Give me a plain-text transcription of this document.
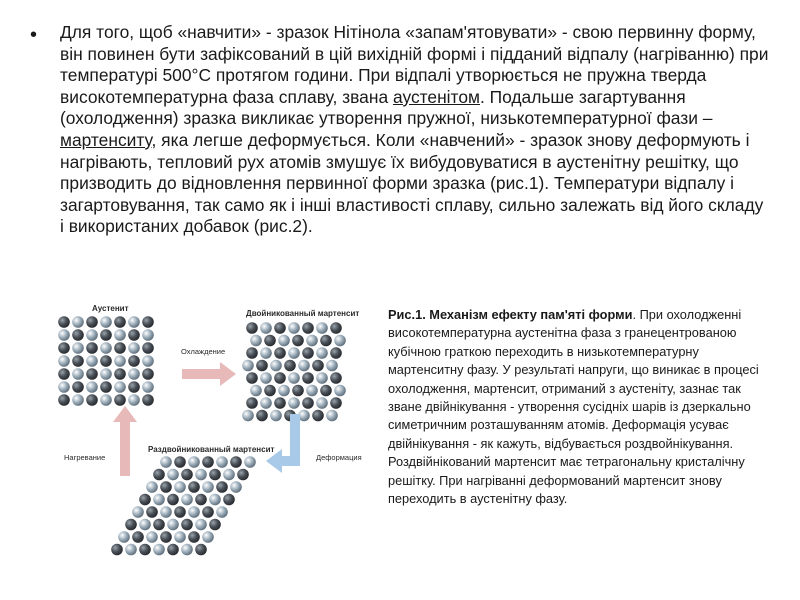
• Для того, щоб «навчити» - зразок Нітінола «запам'ятовувати» - свою первинну форму, він повинен бути зафіксований в цій вихідній формі і підданий відпалу (нагріванню) при температурі 500°С протягом години. При відпалі утворюється не пружна тверда високотемпературна фаза сплаву, звана аустенітом. Подальше загартування (охолодження) зразка викликає утворення пружної, низькотемпературної фази – мартенситу, яка легше деформується. Коли «навчений» - зразок знову деформують і нагрівають, тепловий рух атомів змушує їх вибудовуватися в аустенітну решітку, що призводить до відновлення первинної форми зразка (рис.1). Температури відпалу і загартовування, так само як і інші властивості сплаву, сильно залежать від його складу і використаних добавок (рис.2).

Аустенит
Двойникованный мартенсит
Раздвойникованный мартенсит
Охлаждение
Нагревание	Деформация

Рис.1. Механізм ефекту пам'яті форми. При охолодженні високотемпературна аустенітна фаза з гранецентрованою кубічною граткою переходить в низькотемпературну мартенситну фазу. У результаті напруги, що виникає в процесі охолодження, мартенсит, отриманий з аустеніту, зазнає так зване двійнікування - утворення сусідніх шарів із дзеркально симетричним розташуванням атомів. Деформація усуває двійнікування - як кажуть, відбувається роздвойнікування. Роздвійнікований мартенсит має тетрагональну кристалічну решітку. При нагріванні деформований мартенсит знову переходить в аустенітну фазу.
